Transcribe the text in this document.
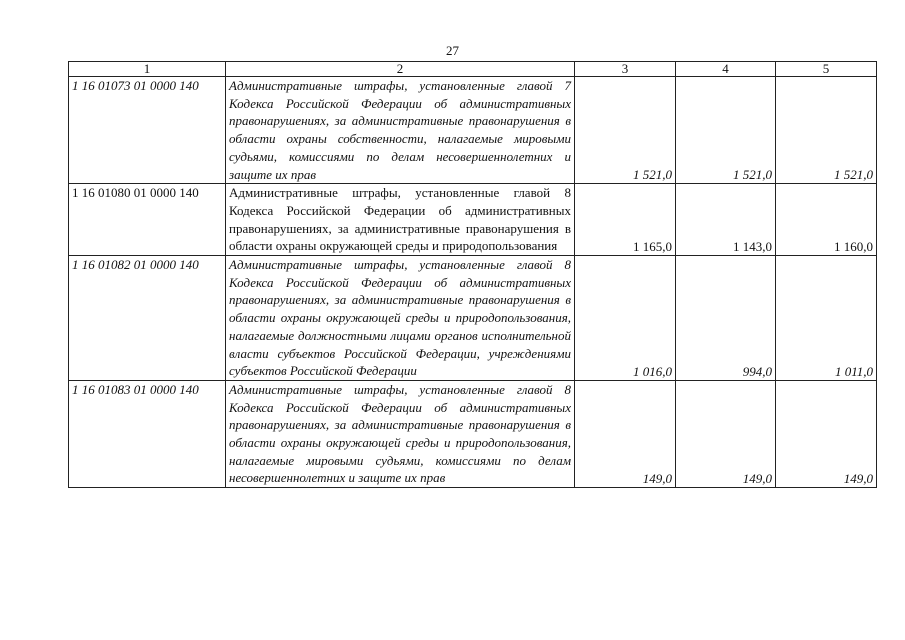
27
1	2	3	4	5
1 16 01073 01 0000 140	Административные штрафы, установленные главой 7 Кодекса Российской Федерации об административных правонарушениях, за административные правонарушения в области охраны собственности, налагаемые мировыми судьями, комиссиями по делам несовершеннолетних и защите их прав	1 521,0	1 521,0	1 521,0
1 16 01080 01 0000 140	Административные штрафы, установленные главой 8 Кодекса Российской Федерации об административных правонарушениях, за административные правонарушения в области охраны окружающей среды и природопользования	1 165,0	1 143,0	1 160,0
1 16 01082 01 0000 140	Административные штрафы, установленные главой 8 Кодекса Российской Федерации об административных правонарушениях, за административные правонарушения в области охраны окружающей среды и природопользования, налагаемые должностными лицами органов исполнительной власти субъектов Российской Федерации, учреждениями субъектов Российской Федерации	1 016,0	994,0	1 011,0
1 16 01083 01 0000 140	Административные штрафы, установленные главой 8 Кодекса Российской Федерации об административных правонарушениях, за административные правонарушения в области охраны окружающей среды и природопользования, налагаемые мировыми судьями, комиссиями по делам несовершеннолетних и защите их прав	149,0	149,0	149,0
